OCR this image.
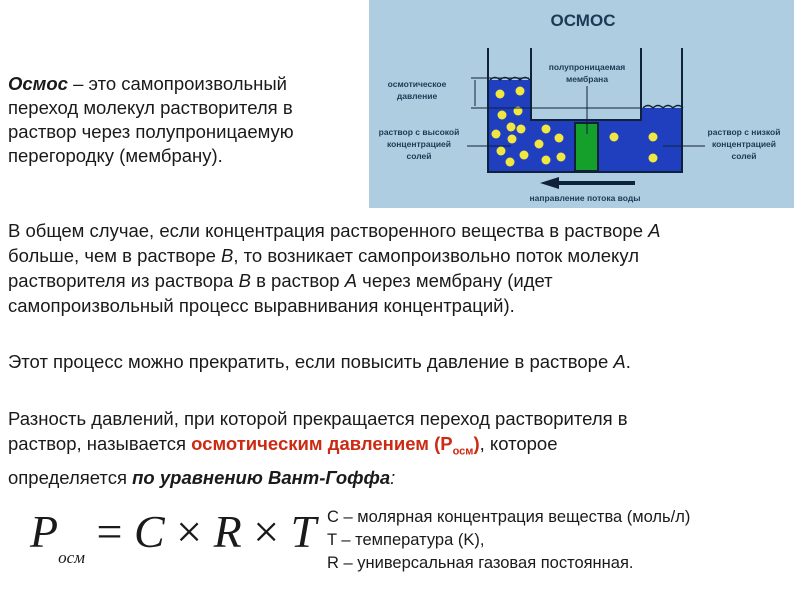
Осмос – это самопроизвольный
переход молекул растворителя в
раствор через полупроницаемую
перегородку (мембрану).
ОСМОС
осмотическое
давление
полупроницаемая
мембрана
раствор с высокой
концентрацией
солей
раствор с низкой
концентрацией
солей
направление потока воды
В общем случае, если концентрация растворенного вещества в растворе A
больше, чем в растворе B, то возникает самопроизвольно поток молекул
растворителя из раствора B в раствор A через мембрану (идет
самопроизвольный процесс выравнивания концентраций).
Этот процесс можно прекратить, если повысить давление в растворе A.
Разность давлений, при которой прекращается переход растворителя в
раствор, называется осмотическим давлением $(P_{осм})$, которое
определяется по уравнению Вант-Гоффа:
$P_{осм} = C \times R \times T$ C – молярная концентрация вещества (моль/л)
T – температура (K),
R – универсальная газовая постоянная.
